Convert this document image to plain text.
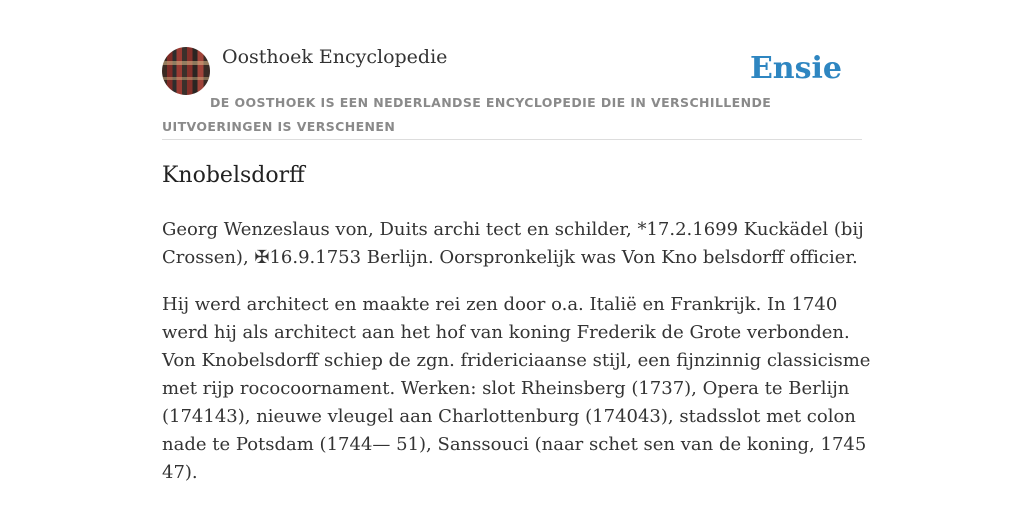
Oosthoek Encyclopedie	Ensie
DE OOSTHOEK IS EEN NEDERLANDSE ENCYCLOPEDIE DIE IN VERSCHILLENDE UITVOERINGEN IS VERSCHENEN
Knobelsdorff

Georg Wenzeslaus von, Duits archi tect en schilder, *17.2.1699 Kuckädel (bij Crossen), ✠16.9.1753 Berlijn. Oorspronkelijk was Von Kno belsdorff officier.

Hij werd architect en maakte rei zen door o.a. Italië en Frankrijk. In 1740 werd hij als architect aan het hof van koning Frederik de Grote verbonden. Von Knobelsdorff schiep de zgn. fridericiaanse stijl, een fijnzinnig classicisme met rijp rococoornament. Werken: slot Rheinsberg (1737), Opera te Berlijn (174143), nieuwe vleugel aan Charlottenburg (174043), stadsslot met colon nade te Potsdam (1744— 51), Sanssouci (naar schet sen van de koning, 1745 47).
